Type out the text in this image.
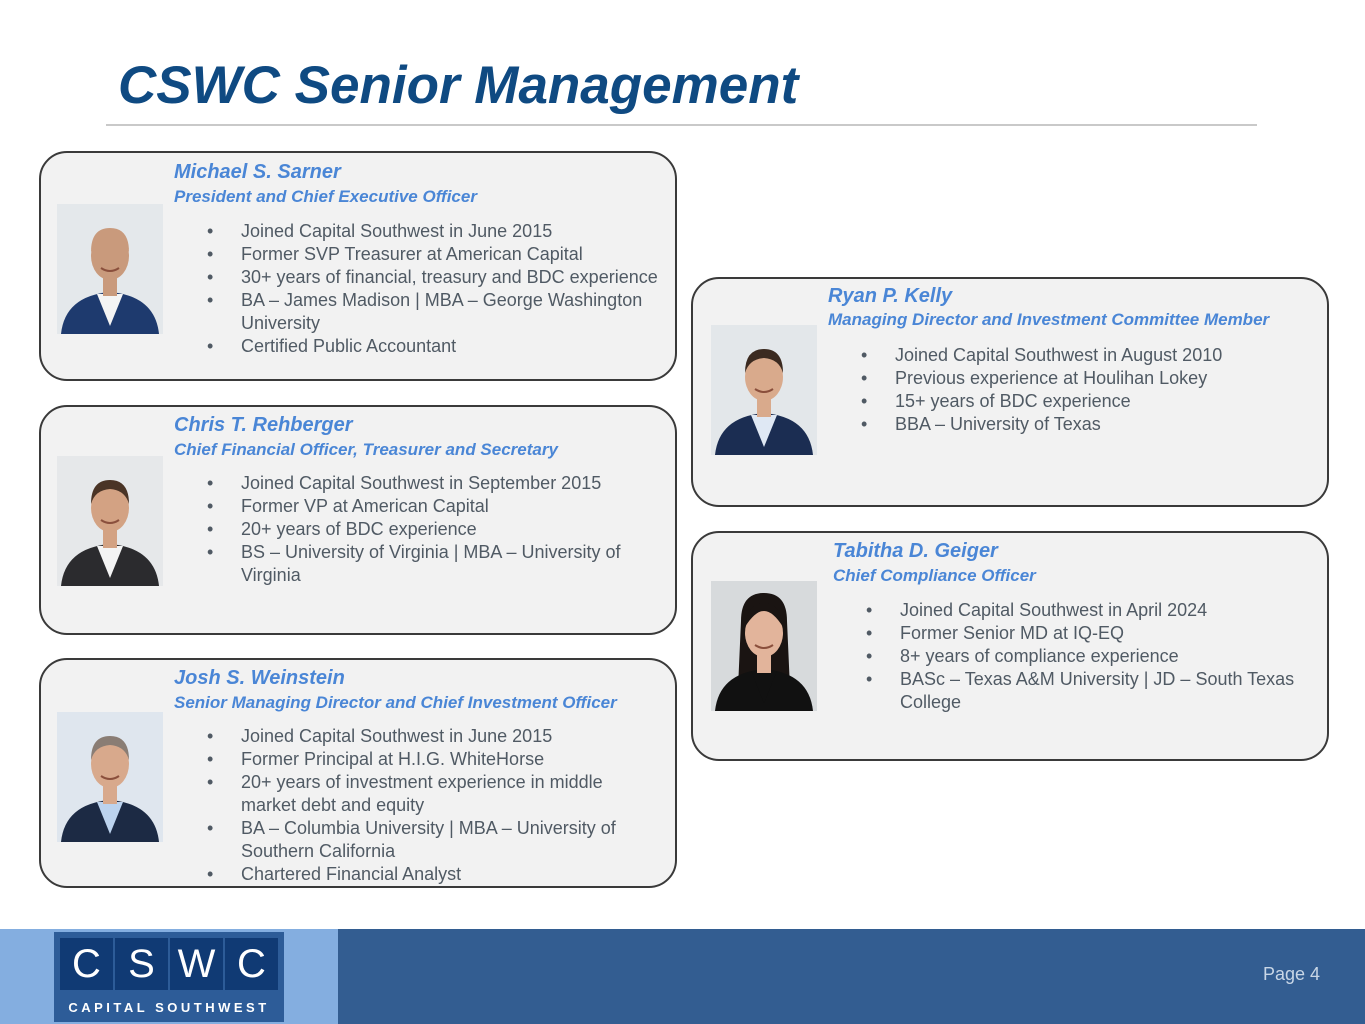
CSWC Senior Management
Michael S. Sarner
President and Chief Executive Officer
• Joined Capital Southwest in June 2015
• Former SVP Treasurer at American Capital
• 30+ years of financial, treasury and BDC experience
• BA – James Madison | MBA – George Washington University
• Certified Public Accountant
Chris T. Rehberger
Chief Financial Officer, Treasurer and Secretary
• Joined Capital Southwest in September 2015
• Former VP at American Capital
• 20+ years of BDC experience
• BS – University of Virginia | MBA – University of Virginia
Josh S. Weinstein
Senior Managing Director and Chief Investment Officer
• Joined Capital Southwest in June 2015
• Former Principal at H.I.G. WhiteHorse
• 20+ years of investment experience in middle market debt and equity
• BA – Columbia University | MBA – University of Southern California
• Chartered Financial Analyst
Ryan P. Kelly
Managing Director and Investment Committee Member
• Joined Capital Southwest in August 2010
• Previous experience at Houlihan Lokey
• 15+ years of BDC experience
• BBA – University of Texas
Tabitha D. Geiger
Chief Compliance Officer
• Joined Capital Southwest in April 2024
• Former Senior MD at IQ-EQ
• 8+ years of compliance experience
• BASc – Texas A&M University | JD – South Texas College
C S W C
CAPITAL SOUTHWEST
Page 4
